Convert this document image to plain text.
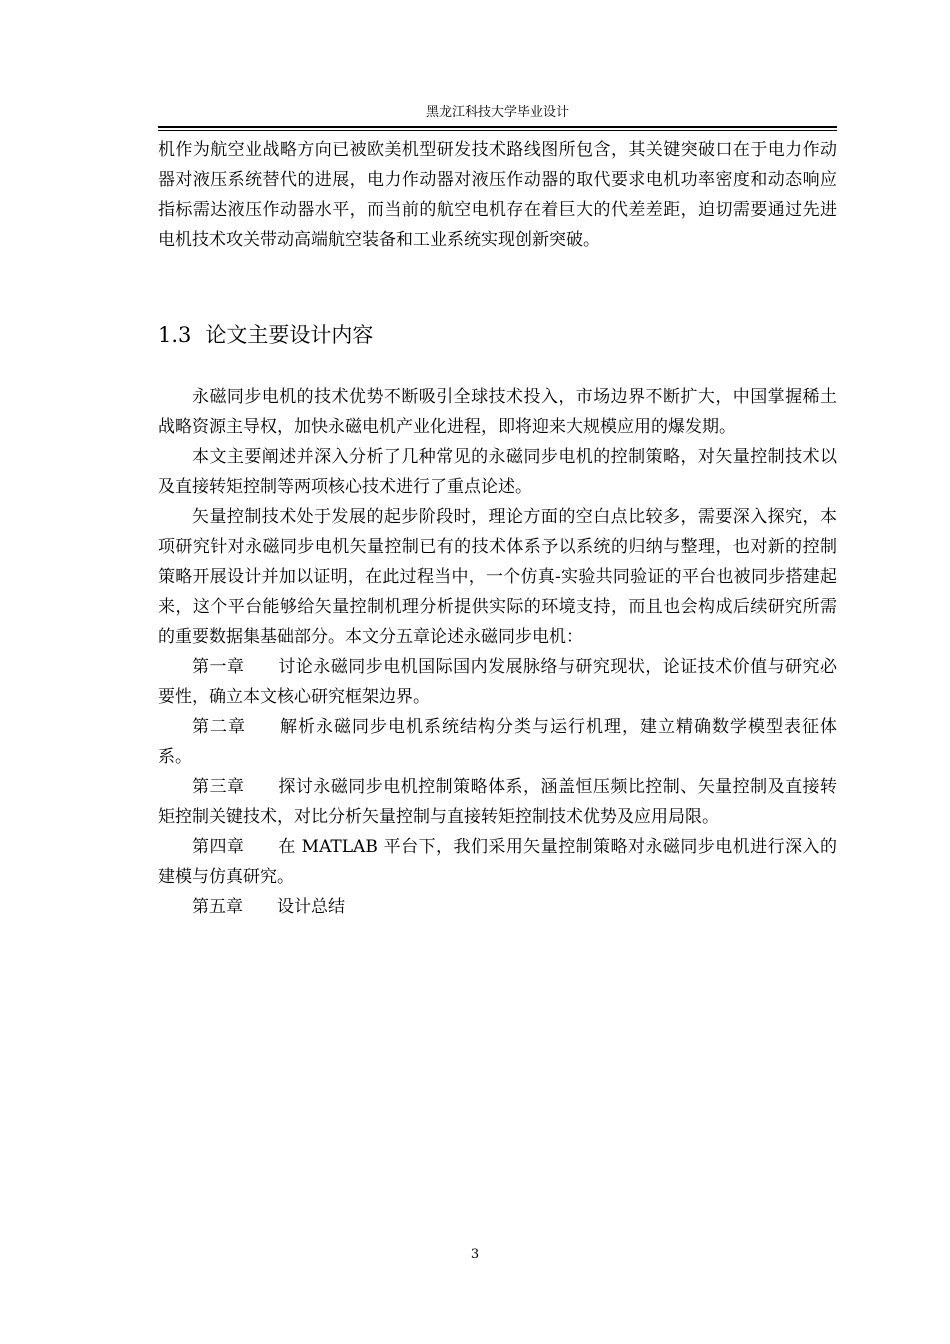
黑龙江科技大学毕业设计

机作为航空业战略方向已被欧美机型研发技术路线图所包含，其关键突破口在于电力作动器对液压系统替代的进展，电力作动器对液压作动器的取代要求电机功率密度和动态响应指标需达液压作动器水平，而当前的航空电机存在着巨大的代差差距，迫切需要通过先进电机技术攻关带动高端航空装备和工业系统实现创新突破。

1.3 论文主要设计内容

永磁同步电机的技术优势不断吸引全球技术投入，市场边界不断扩大，中国掌握稀土战略资源主导权，加快永磁电机产业化进程，即将迎来大规模应用的爆发期。

本文主要阐述并深入分析了几种常见的永磁同步电机的控制策略，对矢量控制技术以及直接转矩控制等两项核心技术进行了重点论述。

矢量控制技术处于发展的起步阶段时，理论方面的空白点比较多，需要深入探究，本项研究针对永磁同步电机矢量控制已有的技术体系予以系统的归纳与整理，也对新的控制策略开展设计并加以证明，在此过程当中，一个仿真-实验共同验证的平台也被同步搭建起来，这个平台能够给矢量控制机理分析提供实际的环境支持，而且也会构成后续研究所需的重要数据集基础部分。本文分五章论述永磁同步电机：

第一章 讨论永磁同步电机国际国内发展脉络与研究现状，论证技术价值与研究必要性，确立本文核心研究框架边界。

第二章 解析永磁同步电机系统结构分类与运行机理，建立精确数学模型表征体系。

第三章 探讨永磁同步电机控制策略体系，涵盖恒压频比控制、矢量控制及直接转矩控制关键技术，对比分析矢量控制与直接转矩控制技术优势及应用局限。

第四章 在 MATLAB 平台下，我们采用矢量控制策略对永磁同步电机进行深入的建模与仿真研究。

第五章 设计总结

3
